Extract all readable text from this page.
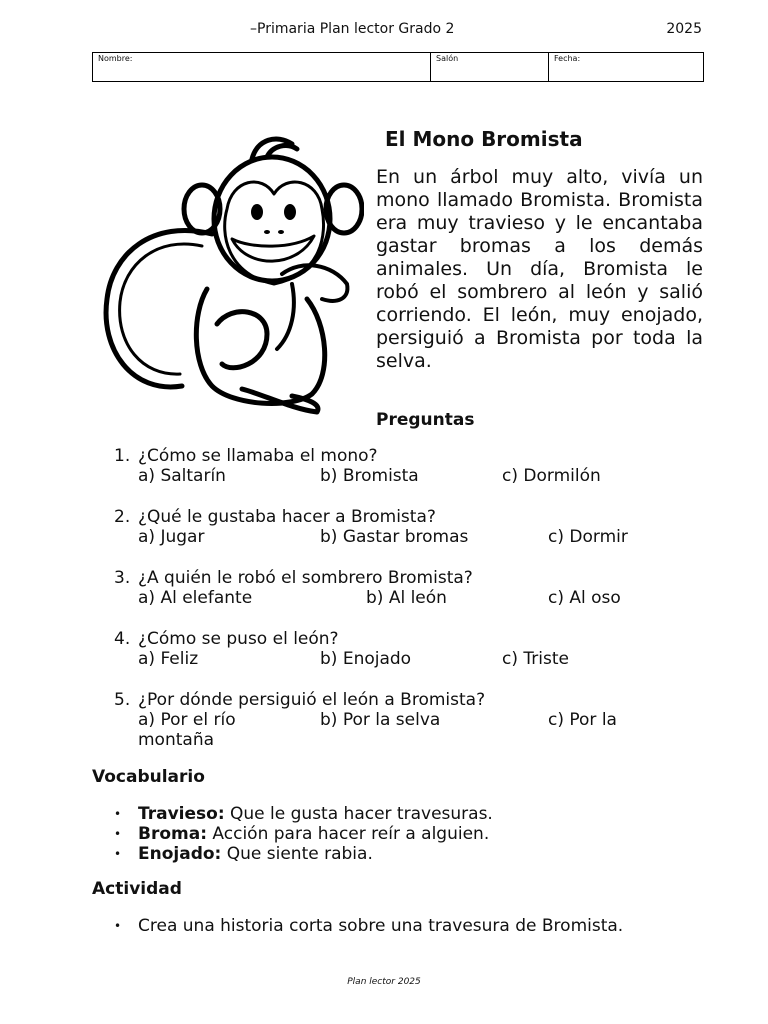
–Primaria Plan lector Grado 2	2025
Nombre:	Salón	Fecha:
El Mono Bromista

En un árbol muy alto, vivía un mono llamado Bromista. Bromista era muy travieso y le encantaba gastar bromas a los demás animales. Un día, Bromista le robó el sombrero al león y salió corriendo. El león, muy enojado, persiguió a Bromista por toda la selva.

Preguntas
1. ¿Cómo se llamaba el mono?
a) Saltarín	b) Bromista	c) Dormilón
2. ¿Qué le gustaba hacer a Bromista?
a) Jugar	b) Gastar bromas	c) Dormir
3. ¿A quién le robó el sombrero Bromista?
a) Al elefante	b) Al león	c) Al oso
4. ¿Cómo se puso el león?
a) Feliz	b) Enojado	c) Triste
5. ¿Por dónde persiguió el león a Bromista?
a) Por el río	b) Por la selva	c) Por la
montaña
Vocabulario
• Travieso: Que le gusta hacer travesuras.
• Broma: Acción para hacer reír a alguien.
• Enojado: Que siente rabia.
Actividad
• Crea una historia corta sobre una travesura de Bromista.
Plan lector 2025
